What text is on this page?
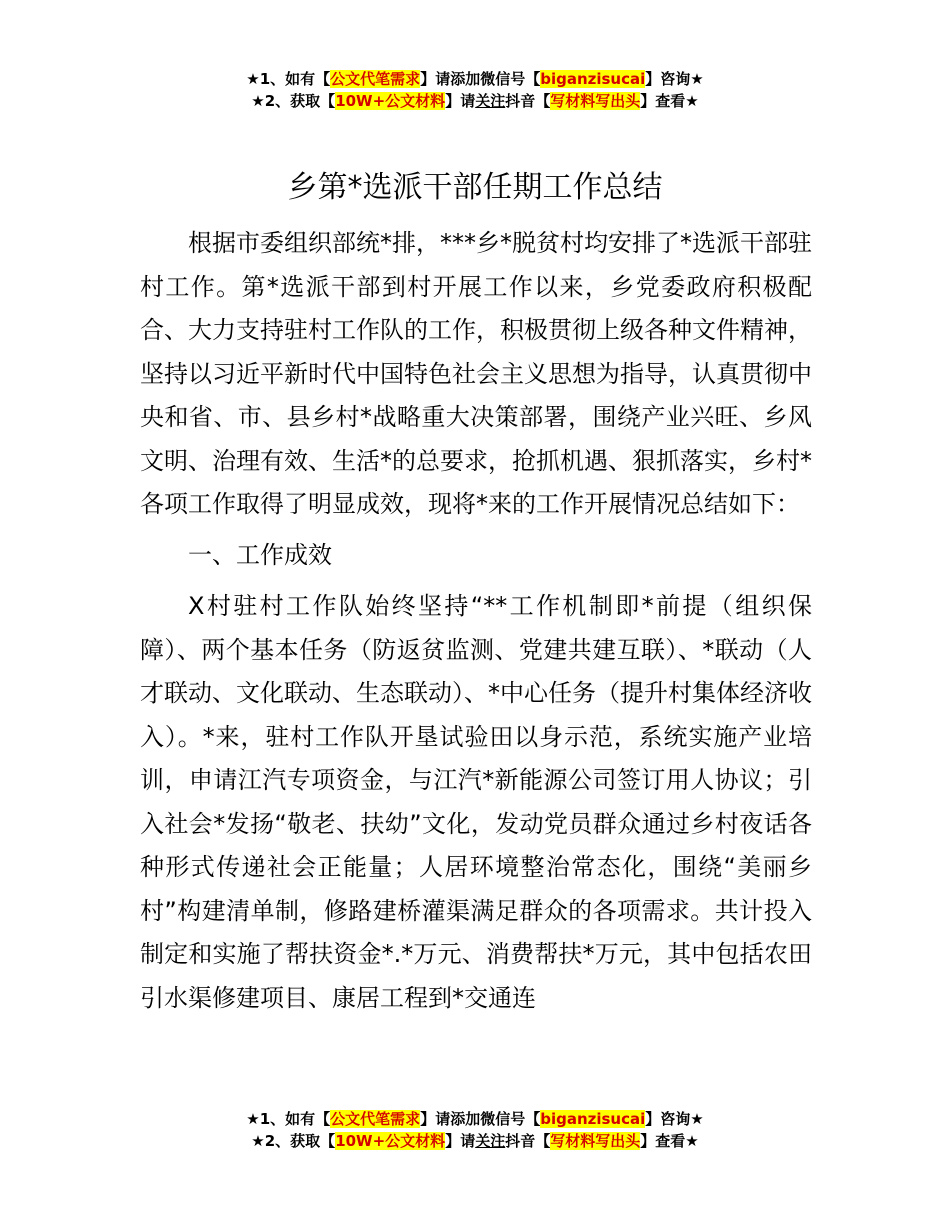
★1、如有【公文代笔需求】请添加微信号【biganzisucai】咨询★
★2、获取【10W+公文材料】请关注抖音【写材料写出头】查看★
乡第*选派干部任期工作总结

根据市委组织部统*排，***乡*脱贫村均安排了*选派干部驻村工作。第*选派干部到村开展工作以来，乡党委政府积极配合、大力支持驻村工作队的工作，积极贯彻上级各种文件精神，坚持以习近平新时代中国特色社会主义思想为指导，认真贯彻中央和省、市、县乡村*战略重大决策部署，围绕产业兴旺、乡风文明、治理有效、生活*的总要求，抢抓机遇、狠抓落实，乡村*各项工作取得了明显成效，现将*来的工作开展情况总结如下：

一、工作成效

X村驻村工作队始终坚持“**工作机制即*前提（组织保障）、两个基本任务（防返贫监测、党建共建互联）、*联动（人才联动、文化联动、生态联动）、*中心任务（提升村集体经济收入）。*来，驻村工作队开垦试验田以身示范，系统实施产业培训，申请江汽专项资金，与江汽*新能源公司签订用人协议；引入社会*发扬“敬老、扶幼”文化，发动党员群众通过乡村夜话各种形式传递社会正能量；人居环境整治常态化，围绕“美丽乡村”构建清单制，修路建桥灌渠满足群众的各项需求。共计投入制定和实施了帮扶资金*.*万元、消费帮扶*万元，其中包括农田引水渠修建项目、康居工程到*交通连

★1、如有【公文代笔需求】请添加微信号【biganzisucai】咨询★
★2、获取【10W+公文材料】请关注抖音【写材料写出头】查看★
